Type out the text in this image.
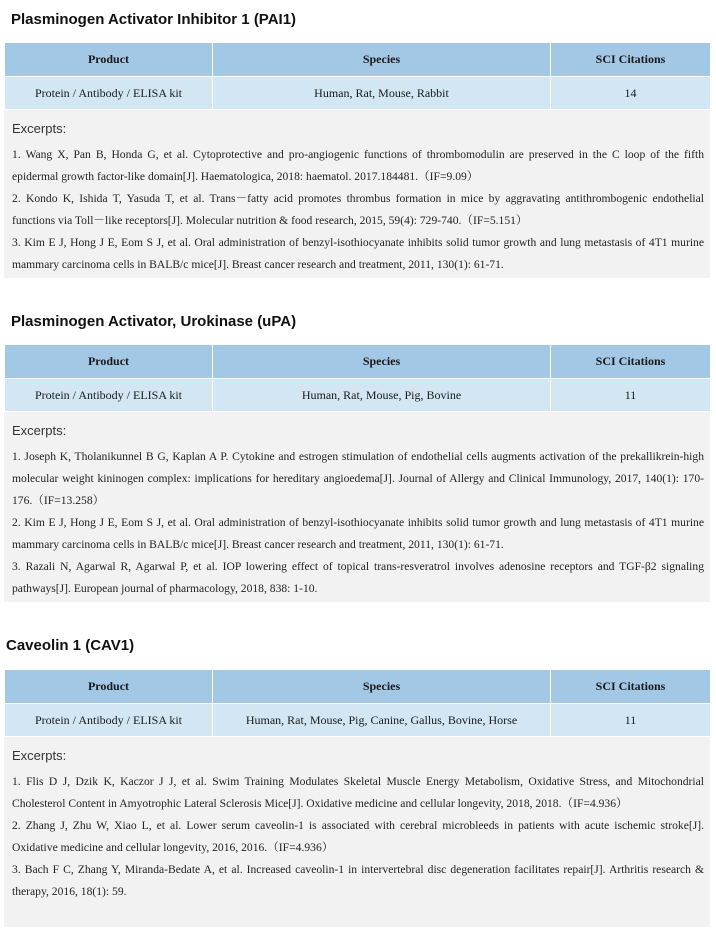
Plasminogen Activator Inhibitor 1 (PAI1)
Product	Species	SCI Citations
Protein / Antibody / ELISA kit	Human, Rat, Mouse, Rabbit	14
Excerpts:
1. Wang X, Pan B, Honda G, et al. Cytoprotective and pro-angiogenic functions of thrombomodulin are preserved in the C loop of the fifth epidermal growth factor-like domain[J]. Haematologica, 2018: haematol. 2017.184481.（IF=9.09）
2. Kondo K, Ishida T, Yasuda T, et al. Trans－fatty acid promotes thrombus formation in mice by aggravating antithrombogenic endothelial functions via Toll－like receptors[J]. Molecular nutrition & food research, 2015, 59(4): 729-740.（IF=5.151）
3. Kim E J, Hong J E, Eom S J, et al. Oral administration of benzyl-isothiocyanate inhibits solid tumor growth and lung metastasis of 4T1 murine mammary carcinoma cells in BALB/c mice[J]. Breast cancer research and treatment, 2011, 130(1): 61-71.
Plasminogen Activator, Urokinase (uPA)
Product	Species	SCI Citations
Protein / Antibody / ELISA kit	Human, Rat, Mouse, Pig, Bovine	11
Excerpts:
1. Joseph K, Tholanikunnel B G, Kaplan A P. Cytokine and estrogen stimulation of endothelial cells augments activation of the prekallikrein-high molecular weight kininogen complex: implications for hereditary angioedema[J]. Journal of Allergy and Clinical Immunology, 2017, 140(1): 170-176.（IF=13.258）
2. Kim E J, Hong J E, Eom S J, et al. Oral administration of benzyl-isothiocyanate inhibits solid tumor growth and lung metastasis of 4T1 murine mammary carcinoma cells in BALB/c mice[J]. Breast cancer research and treatment, 2011, 130(1): 61-71.
3. Razali N, Agarwal R, Agarwal P, et al. IOP lowering effect of topical trans-resveratrol involves adenosine receptors and TGF-β2 signaling pathways[J]. European journal of pharmacology, 2018, 838: 1-10.
Caveolin 1 (CAV1)
Product	Species	SCI Citations
Protein / Antibody / ELISA kit	Human, Rat, Mouse, Pig, Canine, Gallus, Bovine, Horse	11
Excerpts:
1. Flis D J, Dzik K, Kaczor J J, et al. Swim Training Modulates Skeletal Muscle Energy Metabolism, Oxidative Stress, and Mitochondrial Cholesterol Content in Amyotrophic Lateral Sclerosis Mice[J]. Oxidative medicine and cellular longevity, 2018, 2018.（IF=4.936）
2. Zhang J, Zhu W, Xiao L, et al. Lower serum caveolin-1 is associated with cerebral microbleeds in patients with acute ischemic stroke[J]. Oxidative medicine and cellular longevity, 2016, 2016.（IF=4.936）
3. Bach F C, Zhang Y, Miranda-Bedate A, et al. Increased caveolin-1 in intervertebral disc degeneration facilitates repair[J]. Arthritis research & therapy, 2016, 18(1): 59.
